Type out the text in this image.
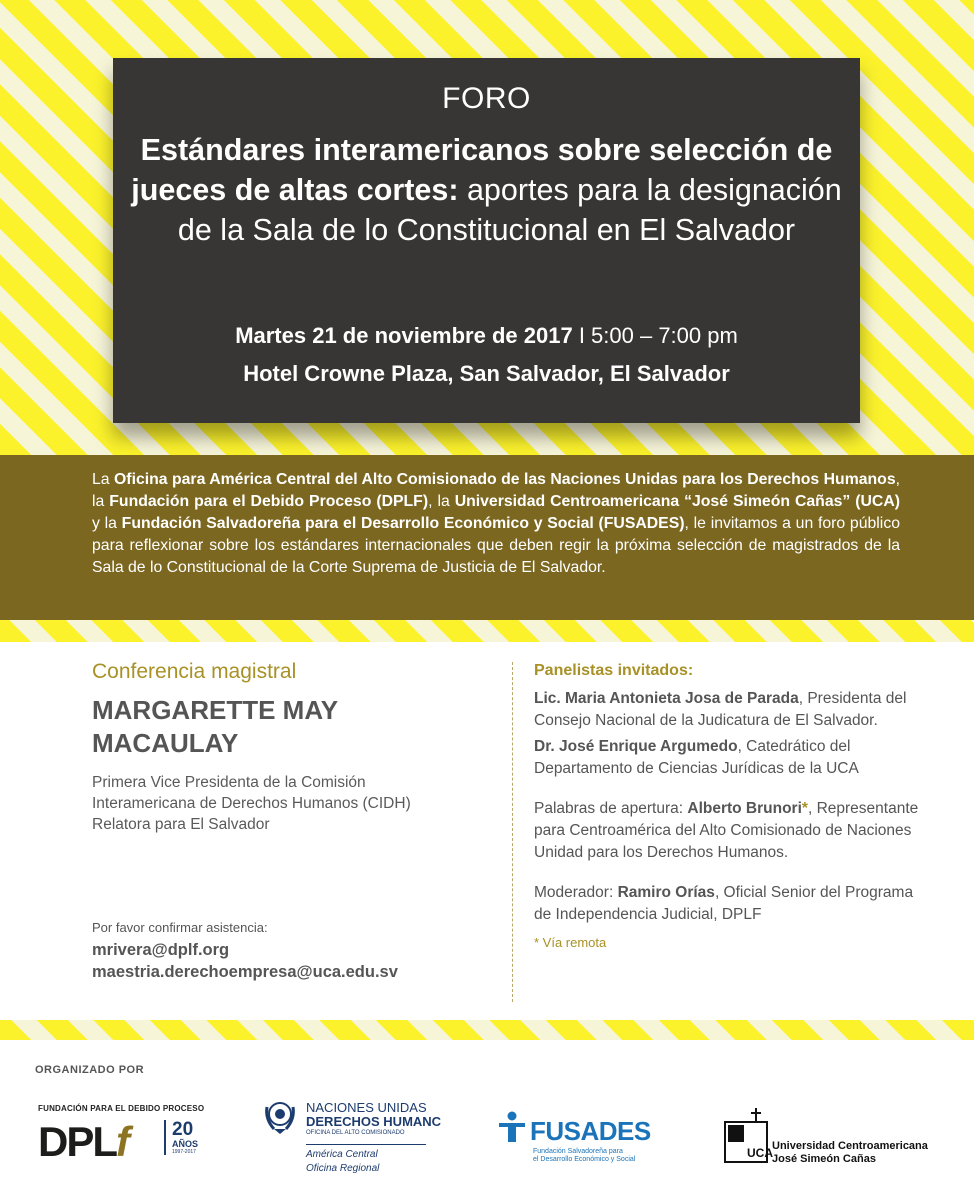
FORO
Estándares interamericanos sobre selección de jueces de altas cortes: aportes para la designación de la Sala de lo Constitucional en El Salvador
Martes 21 de noviembre de 2017 I 5:00 – 7:00 pm
Hotel Crowne Plaza, San Salvador, El Salvador
La Oficina para América Central del Alto Comisionado de las Naciones Unidas para los Derechos Humanos, la Fundación para el Debido Proceso (DPLF), la Universidad Centroamericana “José Simeón Cañas” (UCA) y la Fundación Salvadoreña para el Desarrollo Económico y Social (FUSADES), le invitamos a un foro público para reflexionar sobre los estándares internacionales que deben regir la próxima selección de magistrados de la Sala de lo Constitucional de la Corte Suprema de Justicia de El Salvador.
Conferencia magistral
MARGARETTE MAY
MACAULAY
Primera Vice Presidenta de la Comisión
Interamericana de Derechos Humanos (CIDH)
Relatora para El Salvador
Por favor confirmar asistencia:
mrivera@dplf.org
maestria.derechoempresa@uca.edu.sv
Panelistas invitados:
Lic. Maria Antonieta Josa de Parada, Presidenta del Consejo Nacional de la Judicatura de El Salvador.
Dr. José Enrique Argumedo, Catedrático del Departamento de Ciencias Jurídicas de la UCA
Palabras de apertura: Alberto Brunori*, Representante para Centroamérica del Alto Comisionado de Naciones Unidad para los Derechos Humanos.
Moderador: Ramiro Orías, Oficial Senior del Programa de Independencia Judicial, DPLF
* Vía remota
ORGANIZADO POR
FUNDACIÓN PARA EL DEBIDO PROCESO
DPLf 20
AÑOS
1997-2017
NACIONES UNIDAS
DERECHOS HUMANC
OFICINA DEL ALTO COMISIONADO
América Central
Oficina Regional
FUSADES
Fundación Salvadoreña para
el Desarrollo Económico y Social	UCA Universidad Centroamericana
José Simeón Cañas
